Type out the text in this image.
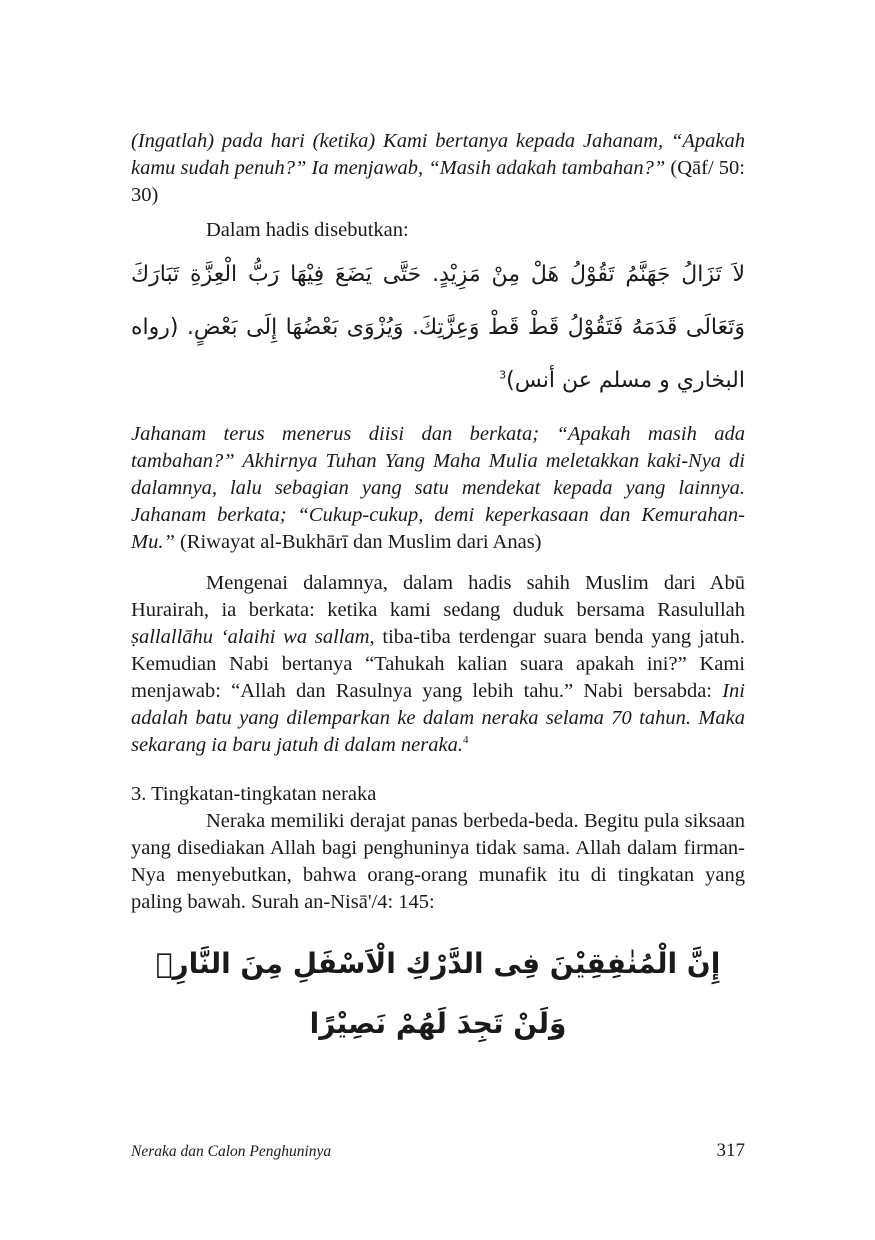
(Ingatlah) pada hari (ketika) Kami bertanya kepada Jahanam, “Apakah kamu sudah penuh?” Ia menjawab, “Masih adakah tambahan?” (Qāf/ 50: 30)

Dalam hadis disebutkan:

لاَ تَزَالُ جَهَنَّمُ تَقُوْلُ هَلْ مِنْ مَزِيْدٍ. حَتَّى يَضَعَ فِيْهَا رَبُّ الْعِزَّةِ تَبَارَكَ وَتَعَالَى قَدَمَهُ فَتَقُوْلُ قَطْ قَطْ وَعِزَّتِكَ. وَيُزْوَى بَعْضُهَا إِلَى بَعْضٍ. (رواه البخاري و مسلم عن أنس)$^3$

Jahanam terus menerus diisi dan berkata; “Apakah masih ada tambahan?” Akhirnya Tuhan Yang Maha Mulia meletakkan kaki-Nya di dalamnya, lalu sebagian yang satu mendekat kepada yang lainnya. Jahanam berkata; “Cukup-cukup, demi keperkasaan dan Kemurahan-Mu.” (Riwayat al-Bukhārī dan Muslim dari Anas)

Mengenai dalamnya, dalam hadis sahih Muslim dari Abū Hurairah, ia berkata: ketika kami sedang duduk bersama Rasulullah ṣallallāhu ‘alaihi wa sallam, tiba-tiba terdengar suara benda yang jatuh. Kemudian Nabi bertanya “Tahukah kalian suara apakah ini?” Kami menjawab: “Allah dan Rasulnya yang lebih tahu.” Nabi bersabda: Ini adalah batu yang dilemparkan ke dalam neraka selama 70 tahun. Maka sekarang ia baru jatuh di dalam neraka.$^4$

3. Tingkatan-tingkatan neraka

Neraka memiliki derajat panas berbeda-beda. Begitu pula siksaan yang disediakan Allah bagi penghuninya tidak sama. Allah dalam firman-Nya menyebutkan, bahwa orang-orang munafik itu di tingkatan yang paling bawah. Surah an-Nisā'/4: 145:

إِنَّ الْمُنٰفِقِيْنَ فِى الدَّرْكِ الْاَسْفَلِ مِنَ النَّارِۚ وَلَنْ تَجِدَ لَهُمْ نَصِيْرًا

Neraka dan Calon Penghuninya	317
